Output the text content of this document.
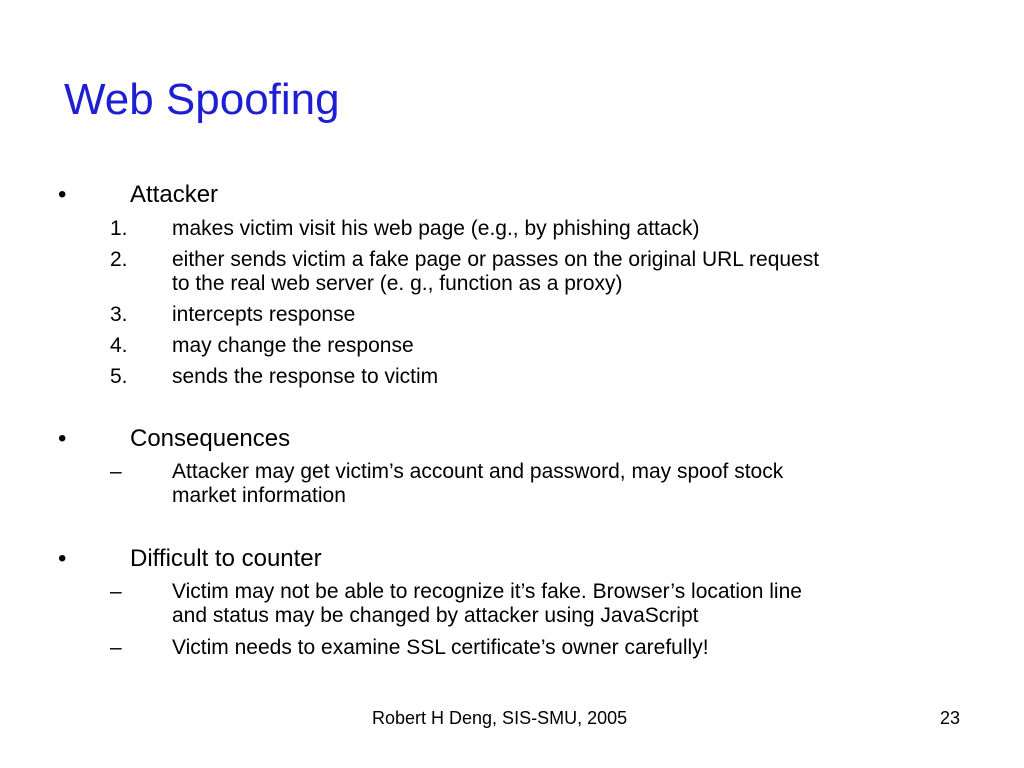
Web Spoofing
•	Attacker
1.	makes victim visit his web page (e.g., by phishing attack)
2.	either sends victim a fake page or passes on the original URL request
to the real web server (e. g., function as a proxy)
3.	intercepts response
4.	may change the response
5.	sends the response to victim
•	Consequences
–	Attacker may get victim’s account and password, may spoof stock
market information
•	Difficult to counter
–	Victim may not be able to recognize it’s fake. Browser’s location line
and status may be changed by attacker using JavaScript
–	Victim needs to examine SSL certificate’s owner carefully!
Robert H Deng, SIS-SMU, 2005	23
